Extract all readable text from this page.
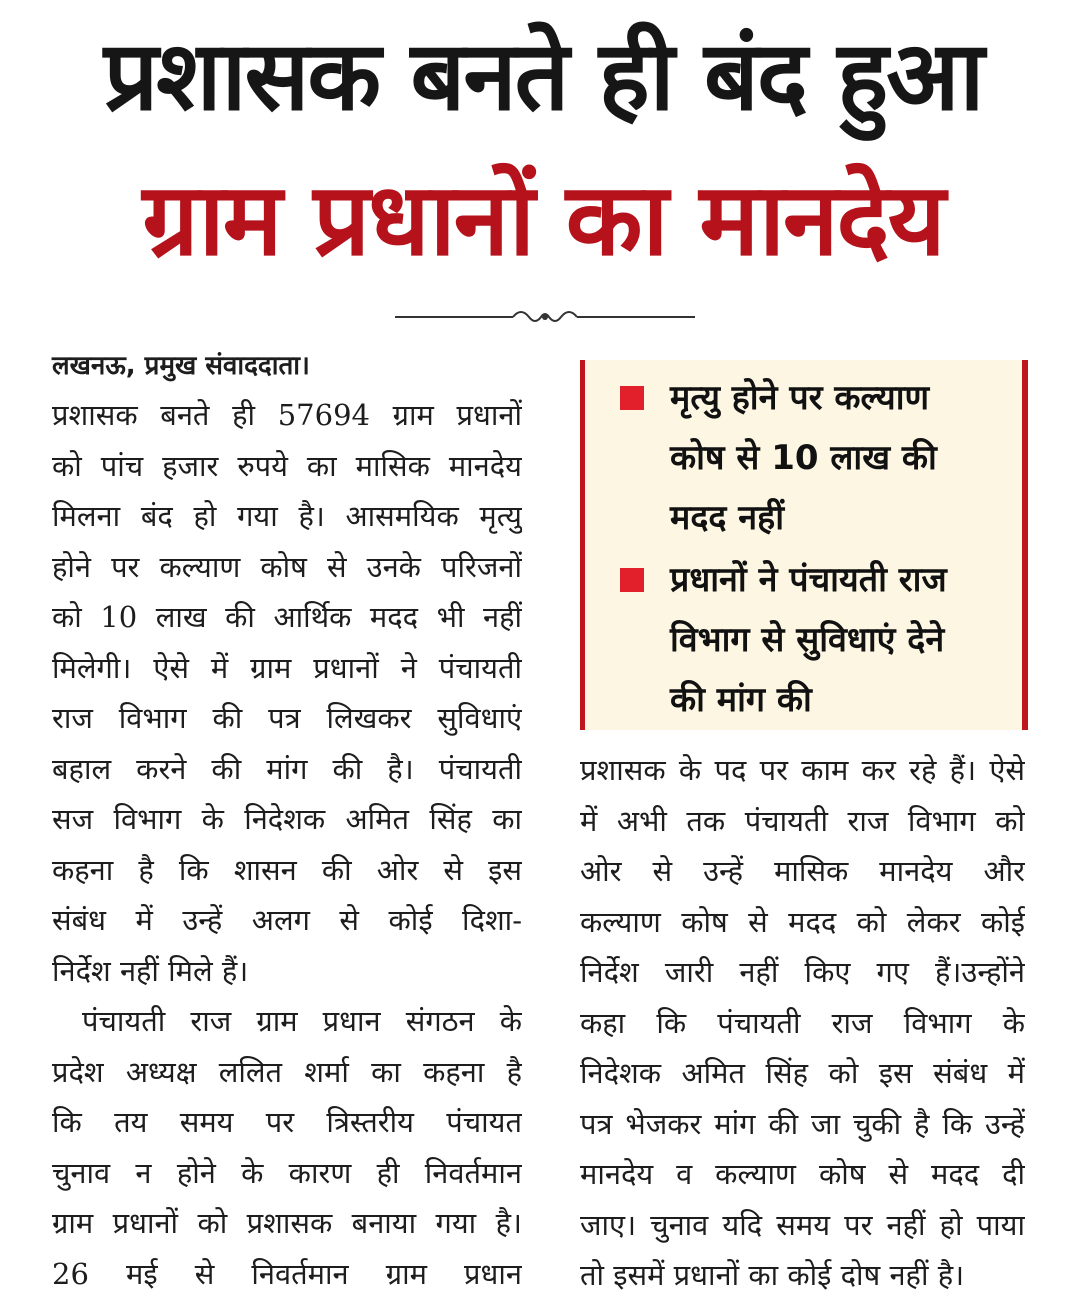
प्रशासक बनते ही बंद हुआ
ग्राम प्रधानों का मानदेय
लखनऊ, प्रमुख संवाददाता।
प्रशासक बनते ही 57694 ग्राम प्रधानों
को पांच हजार रुपये का मासिक मानदेय
मिलना बंद हो गया है। आसमयिक मृत्यु
होने पर कल्याण कोष से उनके परिजनों
को 10 लाख की आर्थिक मदद भी नहीं
मिलेगी। ऐसे में ग्राम प्रधानों ने पंचायती
राज विभाग की पत्र लिखकर सुविधाएं
बहाल करने की मांग की है। पंचायती
सज विभाग के निदेशक अमित सिंह का
कहना है कि शासन की ओर से इस
संबंध में उन्हें अलग से कोई दिशा-
निर्देश नहीं मिले हैं।
पंचायती राज ग्राम प्रधान संगठन के
प्रदेश अध्यक्ष ललित शर्मा का कहना है
कि तय समय पर त्रिस्तरीय पंचायत
चुनाव न होने के कारण ही निवर्तमान
ग्राम प्रधानों को प्रशासक बनाया गया है।
26 मई से निवर्तमान ग्राम प्रधान
मृत्यु होने पर कल्याण
कोष से 10 लाख की
मदद नहीं
प्रधानों ने पंचायती राज
विभाग से सुविधाएं देने
की मांग की
प्रशासक के पद पर काम कर रहे हैं। ऐसे
में अभी तक पंचायती राज विभाग को
ओर से उन्हें मासिक मानदेय और
कल्याण कोष से मदद को लेकर कोई
निर्देश जारी नहीं किए गए हैं।उन्होंने
कहा कि पंचायती राज विभाग के
निदेशक अमित सिंह को इस संबंध में
पत्र भेजकर मांग की जा चुकी है कि उन्हें
मानदेय व कल्याण कोष से मदद दी
जाए। चुनाव यदि समय पर नहीं हो पाया
तो इसमें प्रधानों का कोई दोष नहीं है।
